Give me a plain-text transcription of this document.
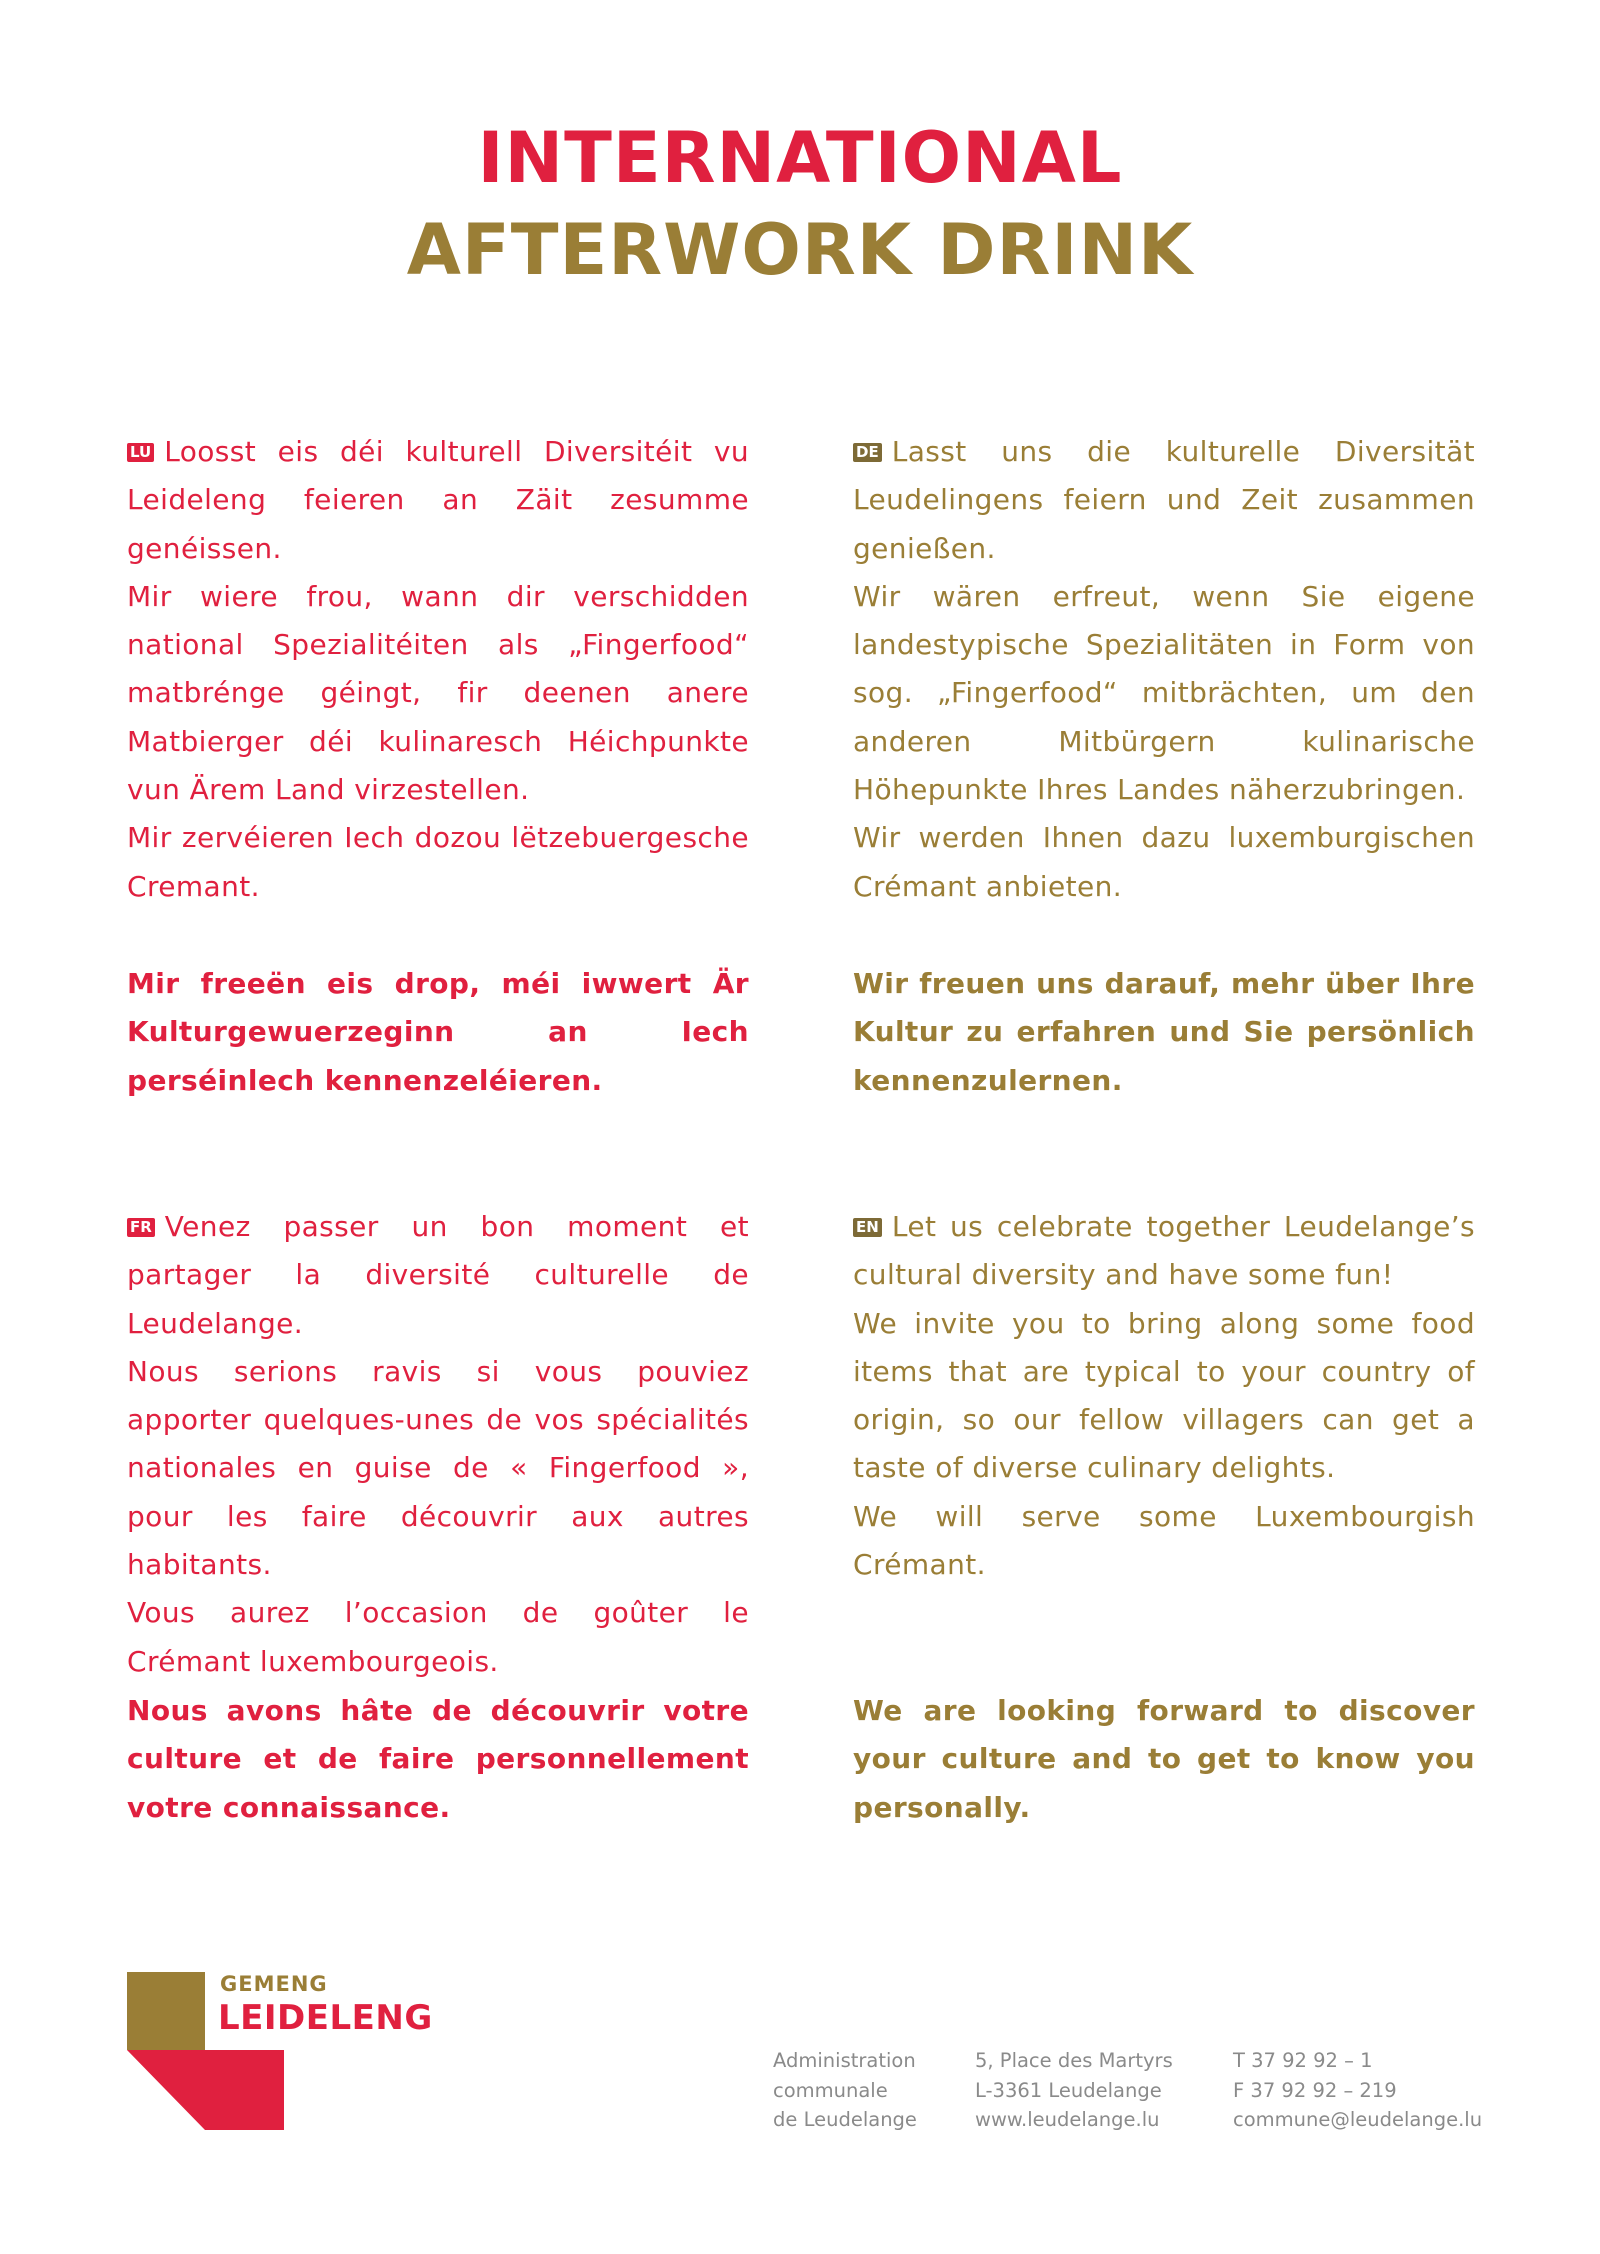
INTERNATIONAL
AFTERWORK DRINK

LU Loosst eis déi kulturell Diversitéit vu Leideleng feieren an Zäit zesumme genéissen.

Mir wiere frou, wann dir verschidden national Spezialitéiten als „Fingerfood“ matbrénge géingt, fir deenen anere Matbierger déi kulinaresch Héichpunkte vun Ärem Land virzestellen.

Mir zervéieren Iech dozou lëtzebuergesche Cremant.

Mir freeën eis drop, méi iwwert Är Kulturgewuerzeginn an Iech perséinlech kennenzeléieren.

DE Lasst uns die kulturelle Diversität Leudelingens feiern und Zeit zusammen genießen.

Wir wären erfreut, wenn Sie eigene landestypische Spezialitäten in Form von sog. „Fingerfood“ mitbrächten, um den anderen Mitbürgern kulinarische Höhepunkte Ihres Landes näherzubringen.

Wir werden Ihnen dazu luxemburgischen Crémant anbieten.

Wir freuen uns darauf, mehr über Ihre Kultur zu erfahren und Sie persönlich kennenzulernen.

FR Venez passer un bon moment et partager la diversité culturelle de Leudelange.

Nous serions ravis si vous pouviez apporter quelques-unes de vos spécialités nationales en guise de « Fingerfood », pour les faire découvrir aux autres habitants.

Vous aurez l’occasion de goûter le Crémant luxembourgeois.

Nous avons hâte de découvrir votre culture et de faire personnellement votre connaissance.

EN Let us celebrate together Leudelange’s cultural diversity and have some fun!

We invite you to bring along some food items that are typical to your country of origin, so our fellow villagers can get a taste of diverse culinary delights.

We will serve some Luxembourgish Crémant.

We are looking forward to discover your culture and to get to know you personally.

GEMENG
LEIDELENG
Administration
communale
de Leudelange
5, Place des Martyrs
L-3361 Leudelange
www.leudelange.lu
T 37 92 92 – 1
F 37 92 92 – 219
commune@leudelange.lu
